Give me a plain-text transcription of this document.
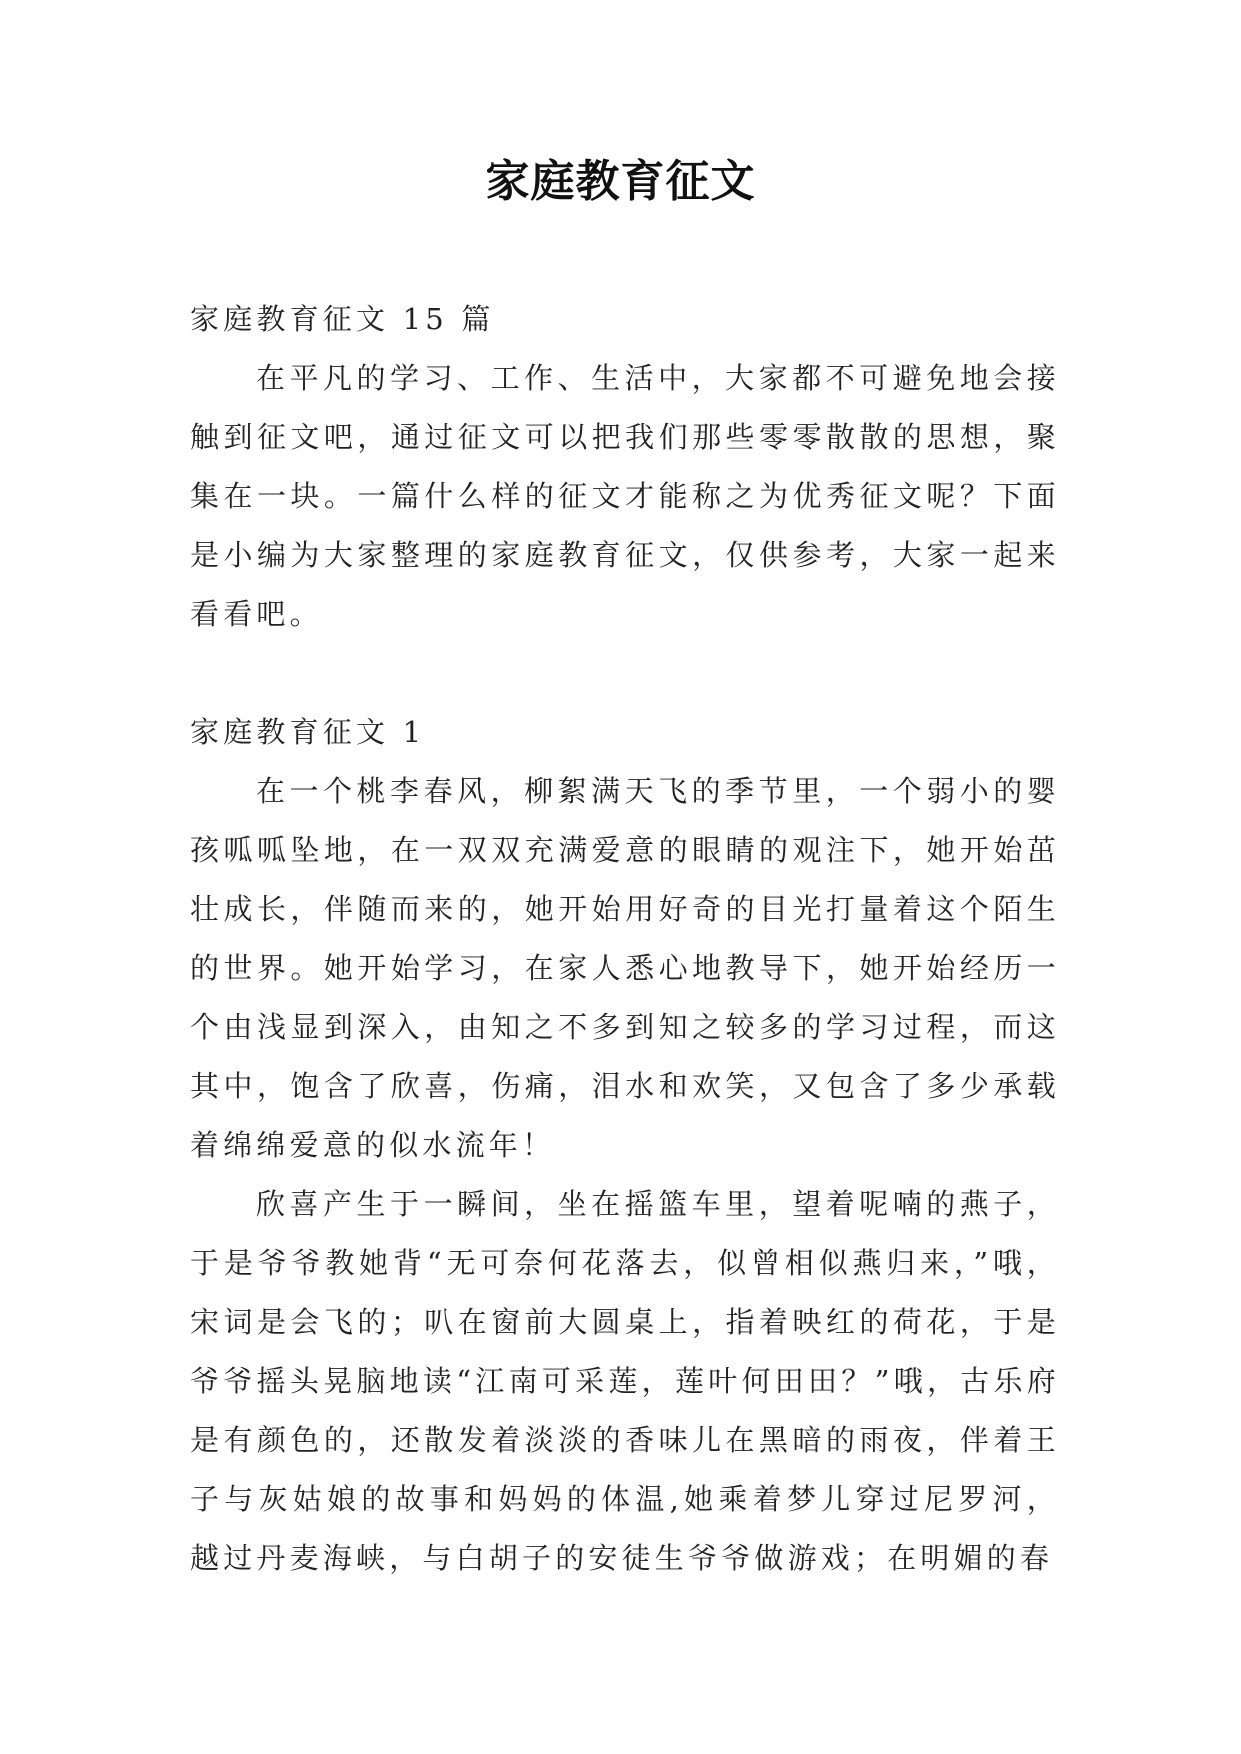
家庭教育征文

家庭教育征文 15 篇

在平凡的学习、工作、生活中，大家都不可避免地会接触到征文吧，通过征文可以把我们那些零零散散的思想，聚集在一块。一篇什么样的征文才能称之为优秀征文呢？下面是小编为大家整理的家庭教育征文，仅供参考，大家一起来看看吧。

家庭教育征文 1

在一个桃李春风，柳絮满天飞的季节里，一个弱小的婴孩呱呱坠地，在一双双充满爱意的眼睛的观注下，她开始茁壮成长，伴随而来的，她开始用好奇的目光打量着这个陌生的世界。她开始学习，在家人悉心地教导下，她开始经历一个由浅显到深入，由知之不多到知之较多的学习过程，而这其中，饱含了欣喜，伤痛，泪水和欢笑，又包含了多少承载着绵绵爱意的似水流年！

欣喜产生于一瞬间，坐在摇篮车里，望着呢喃的燕子，于是爷爷教她背“无可奈何花落去，似曾相似燕归来，”哦，宋词是会飞的；叭在窗前大圆桌上，指着映红的荷花，于是爷爷摇头晃脑地读“江南可采莲，莲叶何田田？”哦，古乐府是有颜色的，还散发着淡淡的香味儿在黑暗的雨夜，伴着王子与灰姑娘的故事和妈妈的体温,她乘着梦儿穿过尼罗河，越过丹麦海峡，与白胡子的安徒生爷爷做游戏；在明媚的春
